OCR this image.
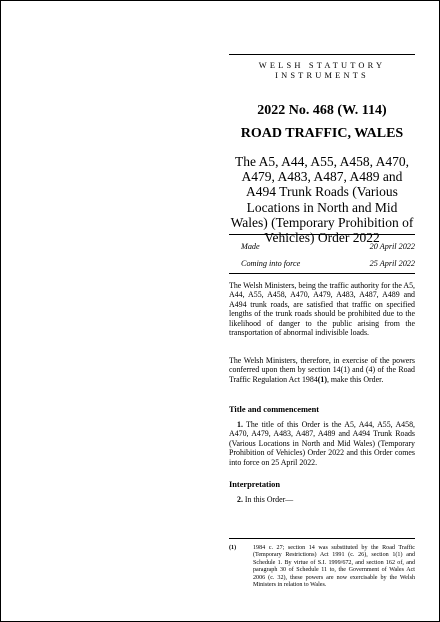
WELSH STATUTORY INSTRUMENTS
2022 No. 468 (W. 114)
ROAD TRAFFIC, WALES
The A5, A44, A55, A458, A470, A479, A483, A487, A489 and A494 Trunk Roads (Various Locations in North and Mid Wales) (Temporary Prohibition of Vehicles) Order 2022
Made	20 April 2022
Coming into force	25 April 2022
The Welsh Ministers, being the traffic authority for the A5, A44, A55, A458, A470, A479, A483, A487, A489 and A494 trunk roads, are satisfied that traffic on specified lengths of the trunk roads should be prohibited due to the likelihood of danger to the public arising from the transportation of abnormal indivisible loads.
The Welsh Ministers, therefore, in exercise of the powers conferred upon them by section 14(1) and (4) of the Road Traffic Regulation Act 1984(1), make this Order.
Title and commencement
1. The title of this Order is the A5, A44, A55, A458, A470, A479, A483, A487, A489 and A494 Trunk Roads (Various Locations in North and Mid Wales) (Temporary Prohibition of Vehicles) Order 2022 and this Order comes into force on 25 April 2022.
Interpretation
2. In this Order—
(1)	1984 c. 27; section 14 was substituted by the Road Traffic (Temporary Restrictions) Act 1991 (c. 26), section 1(1) and Schedule 1. By virtue of S.I. 1999/672, and section 162 of, and paragraph 30 of Schedule 11 to, the Government of Wales Act 2006 (c. 32), these powers are now exercisable by the Welsh Ministers in relation to Wales.
